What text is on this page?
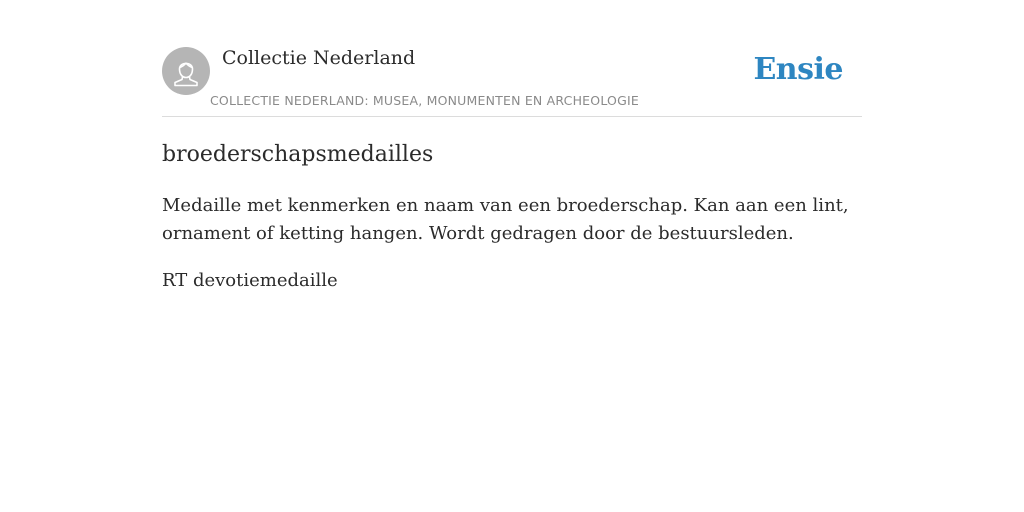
Collectie Nederland
COLLECTIE NEDERLAND: MUSEA, MONUMENTEN EN ARCHEOLOGIE
Ensie
broederschapsmedailles

Medaille met kenmerken en naam van een broederschap. Kan aan een lint, ornament of ketting hangen. Wordt gedragen door de bestuursleden.

RT devotiemedaille
